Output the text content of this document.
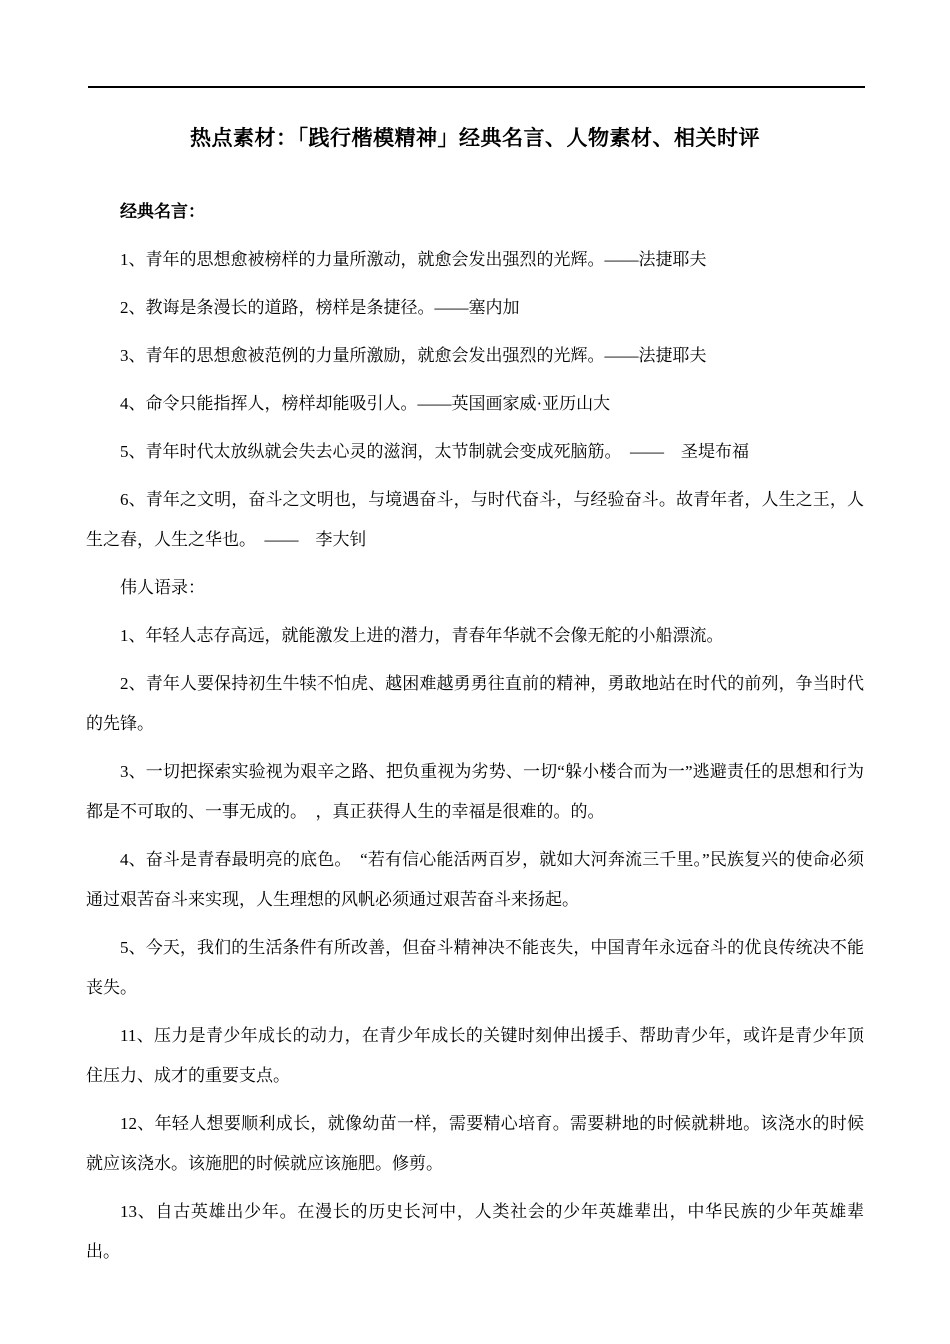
热点素材：「践行楷模精神」经典名言、人物素材、相关时评

经典名言：

1、青年的思想愈被榜样的力量所激动，就愈会发出强烈的光辉。——法捷耶夫

2、教诲是条漫长的道路，榜样是条捷径。——塞内加

3、青年的思想愈被范例的力量所激励，就愈会发出强烈的光辉。——法捷耶夫

4、命令只能指挥人，榜样却能吸引人。——英国画家威·亚历山大

5、青年时代太放纵就会失去心灵的滋润，太节制就会变成死脑筋。　——　圣堤布福

6、青年之文明，奋斗之文明也，与境遇奋斗，与时代奋斗，与经验奋斗。故青年者，人生之王，人生之春，人生之华也。　——　李大钊

伟人语录：

1、年轻人志存高远，就能激发上进的潜力，青春年华就不会像无舵的小船漂流。

2、青年人要保持初生牛犊不怕虎、越困难越勇勇往直前的精神，勇敢地站在时代的前列，争当时代的先锋。

3、一切把探索实验视为艰辛之路、把负重视为劣势、一切“躲小楼合而为一”逃避责任的思想和行为都是不可取的、一事无成的。　，真正获得人生的幸福是很难的。的。

4、奋斗是青春最明亮的底色。　“若有信心能活两百岁，就如大河奔流三千里。”民族复兴的使命必须通过艰苦奋斗来实现，人生理想的风帆必须通过艰苦奋斗来扬起。

5、今天，我们的生活条件有所改善，但奋斗精神决不能丧失，中国青年永远奋斗的优良传统决不能丧失。

11、压力是青少年成长的动力，在青少年成长的关键时刻伸出援手、帮助青少年，或许是青少年顶住压力、成才的重要支点。

12、年轻人想要顺利成长，就像幼苗一样，需要精心培育。需要耕地的时候就耕地。该浇水的时候就应该浇水。该施肥的时候就应该施肥。修剪。

13、自古英雄出少年。在漫长的历史长河中，人类社会的少年英雄辈出，中华民族的少年英雄辈出。
